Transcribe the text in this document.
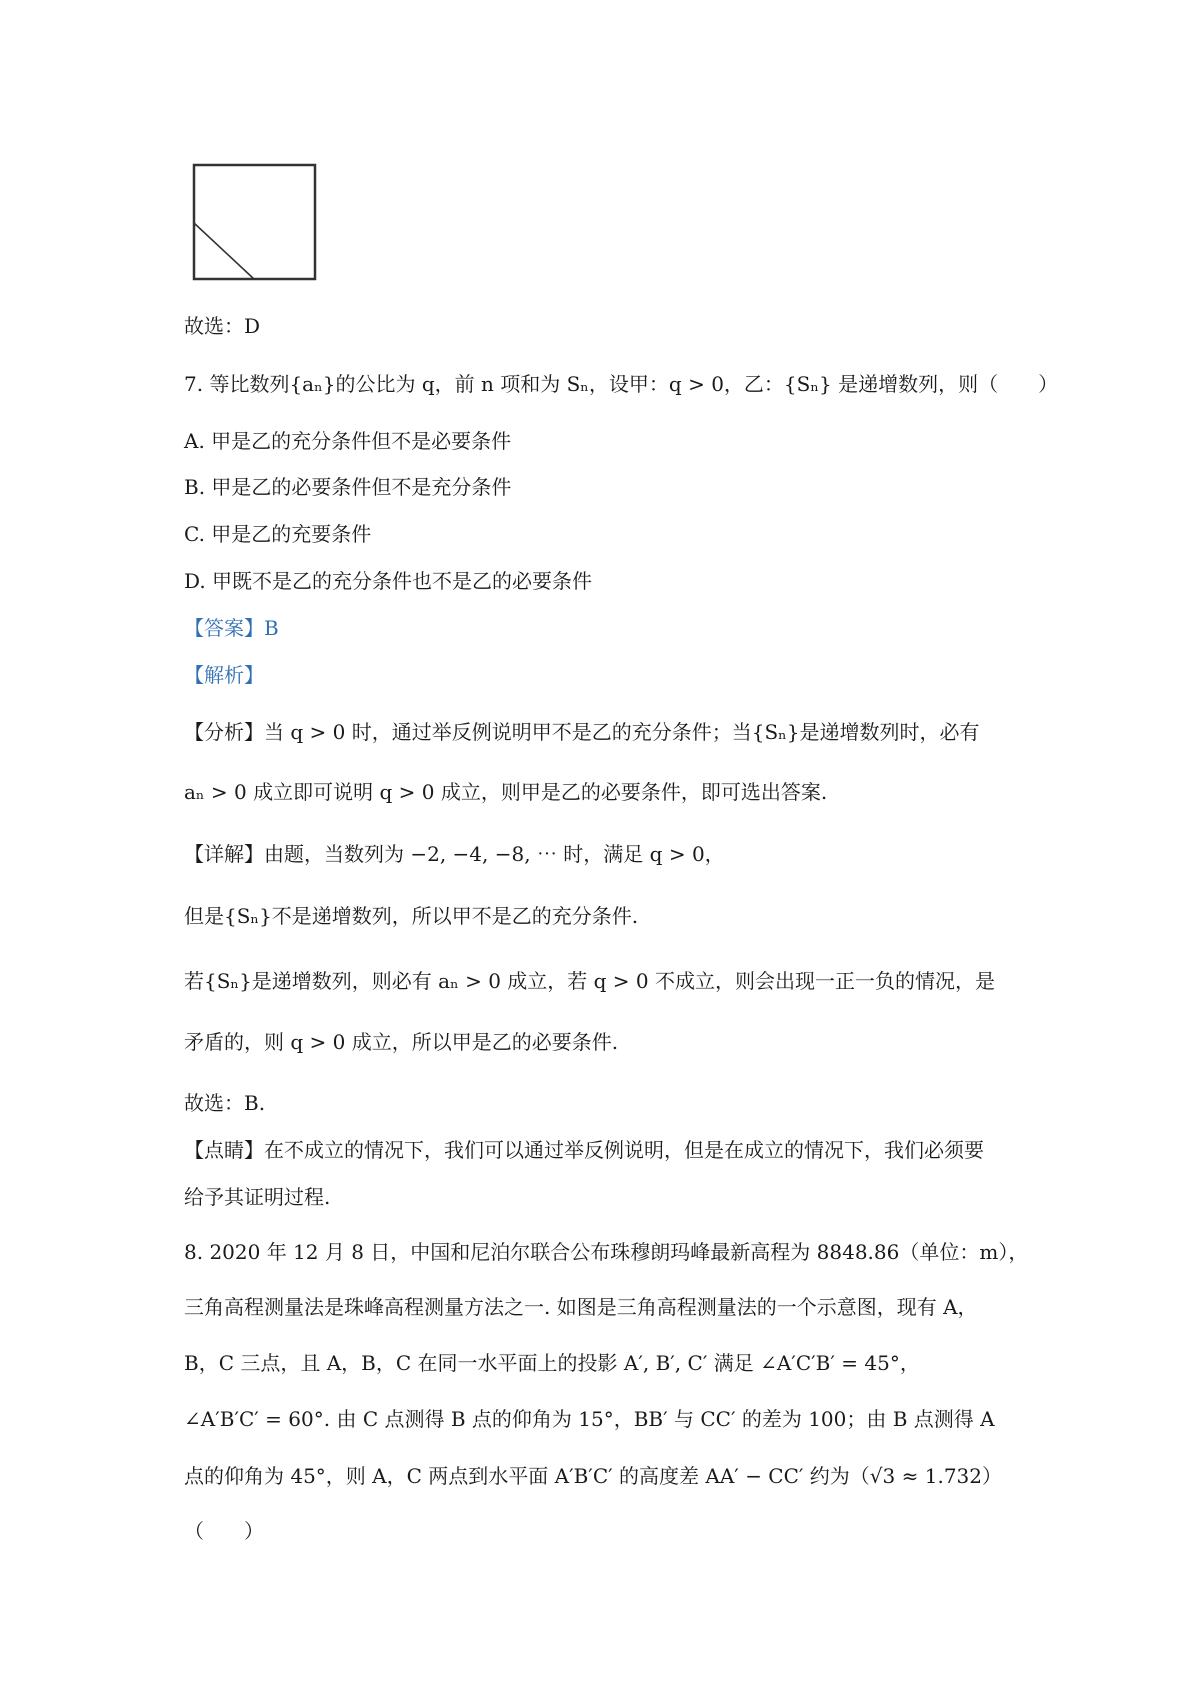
故选：D
7. 等比数列{aₙ}的公比为 q，前 n 项和为 Sₙ，设甲：q > 0，乙：{Sₙ} 是递增数列，则（　　）
A. 甲是乙的充分条件但不是必要条件
B. 甲是乙的必要条件但不是充分条件
C. 甲是乙的充要条件
D. 甲既不是乙的充分条件也不是乙的必要条件
【答案】B
【解析】
【分析】当 q > 0 时，通过举反例说明甲不是乙的充分条件；当{Sₙ}是递增数列时，必有
aₙ > 0 成立即可说明 q > 0 成立，则甲是乙的必要条件，即可选出答案.
【详解】由题，当数列为 −2, −4, −8, ⋯ 时，满足 q > 0，
但是{Sₙ}不是递增数列，所以甲不是乙的充分条件.
若{Sₙ}是递增数列，则必有 aₙ > 0 成立，若 q > 0 不成立，则会出现一正一负的情况，是
矛盾的，则 q > 0 成立，所以甲是乙的必要条件.
故选：B.
【点睛】在不成立的情况下，我们可以通过举反例说明，但是在成立的情况下，我们必须要
给予其证明过程.
8. 2020 年 12 月 8 日，中国和尼泊尔联合公布珠穆朗玛峰最新高程为 8848.86（单位：m），
三角高程测量法是珠峰高程测量方法之一. 如图是三角高程测量法的一个示意图，现有 A，
B，C 三点，且 A，B，C 在同一水平面上的投影 A′, B′, C′ 满足 ∠A′C′B′ = 45°，
∠A′B′C′ = 60°. 由 C 点测得 B 点的仰角为 15°，BB′ 与 CC′ 的差为 100；由 B 点测得 A
点的仰角为 45°，则 A，C 两点到水平面 A′B′C′ 的高度差 AA′ − CC′ 约为（√3 ≈ 1.732）
（　　）
